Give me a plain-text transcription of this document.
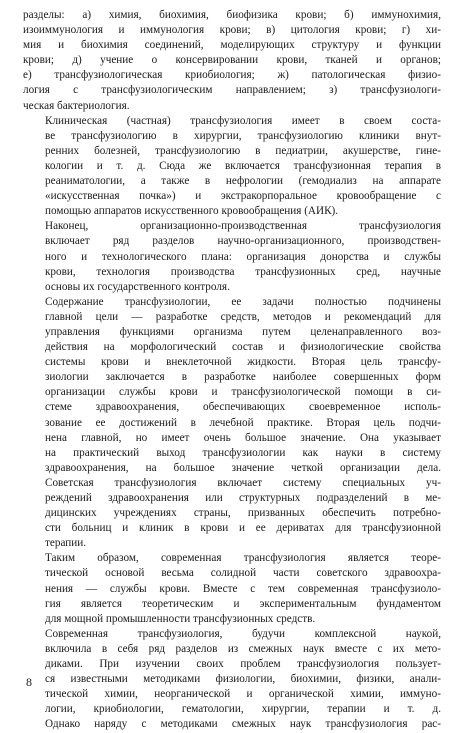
разделы: а) химия, биохимия, биофизика крови; б) иммунохимия,
изоиммунология и иммунология крови; в) цитология крови; г) хи-
мия и биохимия соединений, моделирующих структуру и функции
крови; д) учение о консервировании крови, тканей и органов;
е) трансфузиологическая криобиология; ж) патологическая физио-
логия с трансфузиологическим направлением; з) трансфузиологи-
ческая бактериология.
Клиническая (частная) трансфузиология имеет в своем соста-
ве трансфузиологию в хирургии, трансфузиологию клиники внут-
ренних болезней, трансфузиологию в педиатрии, акушерстве, гине-
кологии и т. д. Сюда же включается трансфузионная терапия в
реаниматологии, а также в нефрологии (гемодиализ на аппарате
«искусственная почка») и экстракорпоральное кровообращение с
помощью аппаратов искусственного кровообращения (АИК).
Наконец, организационно-производственная трансфузиология
включает ряд разделов научно-организационного, производствен-
ного и технологического плана: организация донорства и службы
крови, технология производства трансфузионных сред, научные
основы их государственного контроля.
Содержание трансфузиологии, ее задачи полностью подчинены
главной цели — разработке средств, методов и рекомендаций для
управления функциями организма путем целенаправленного воз-
действия на морфологический состав и физиологические свойства
системы крови и внеклеточной жидкости. Вторая цель трансфу-
зиологии заключается в разработке наиболее совершенных форм
организации службы крови и трансфузиологической помощи в си-
стеме здравоохранения, обеспечивающих своевременное исполь-
зование ее достижений в лечебной практике. Вторая цель подчи-
нена главной, но имеет очень большое значение. Она указывает
на практический выход трансфузиологии как науки в систему
здравоохранения, на большое значение четкой организации дела.
Советская трансфузиология включает систему специальных уч-
реждений здравоохранения или структурных подразделений в ме-
дицинских учреждениях страны, призванных обеспечить потребно-
сти больниц и клиник в крови и ее дериватах для трансфузионной
терапии.
Таким образом, современная трансфузиология является теоре-
тической основой весьма солидной части советского здравоохра-
нения — службы крови. Вместе с тем современная трансфузиоло-
гия является теоретическим и экспериментальным фундаментом
для мощной промышленности трансфузионных средств.
Современная трансфузиология, будучи комплексной наукой,
включила в себя ряд разделов из смежных наук вместе с их мето-
диками. При изучении своих проблем трансфузиология пользует-
ся известными методиками физиологии, биохимии, физики, анали-
тической химии, неорганической и органической химии, иммуно-
логии, криобиологии, гематологии, хирургии, терапии и т. д.
Однако наряду с методиками смежных наук трансфузиология рас-
8
